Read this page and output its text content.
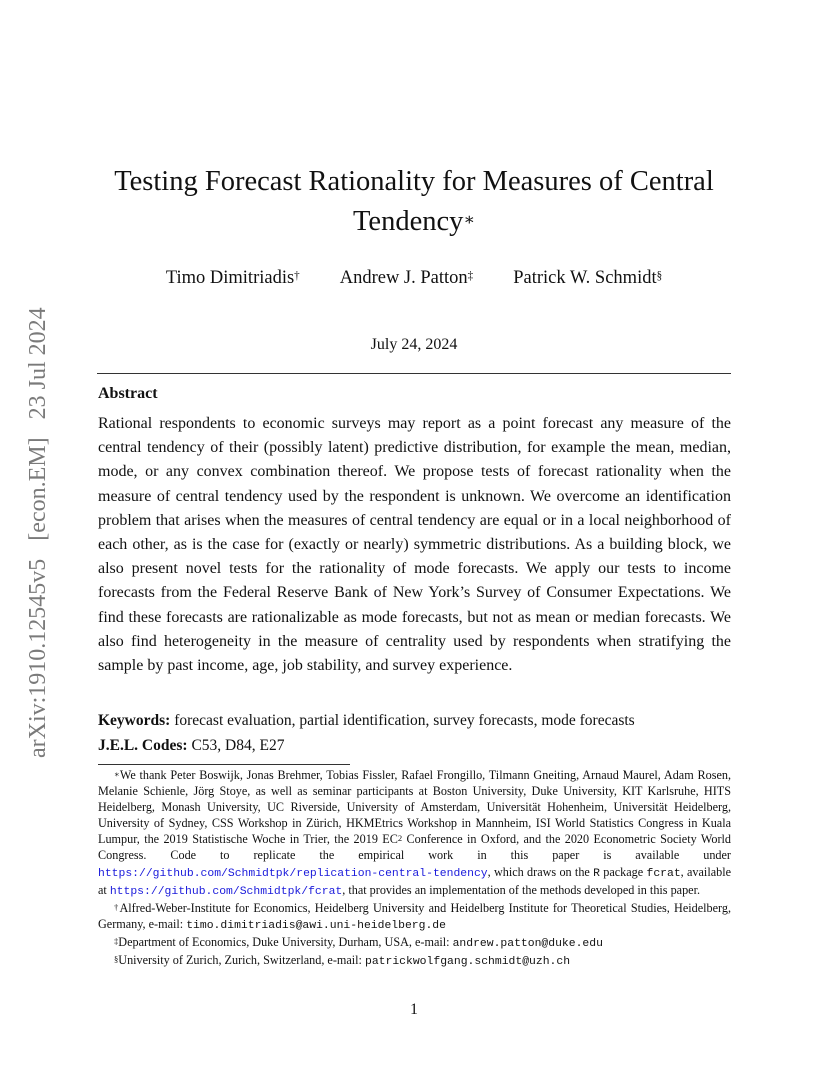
arXiv:1910.12545v5[econ.EM]23 Jul 2024
Testing Forecast Rationality for Measures of Central
Tendency∗
Timo Dimitriadis† Andrew J. Patton‡ Patrick W. Schmidt§
July 24, 2024
Abstract

Rational respondents to economic surveys may report as a point forecast any measure of the central tendency of their (possibly latent) predictive distribution, for example the mean, median, mode, or any convex combination thereof. We propose tests of forecast rationality when the measure of central tendency used by the respondent is unknown. We overcome an identification problem that arises when the measures of central tendency are equal or in a local neighborhood of each other, as is the case for (exactly or nearly) symmetric distributions. As a building block, we also present novel tests for the rationality of mode forecasts. We apply our tests to income forecasts from the Federal Reserve Bank of New York’s Survey of Consumer Expectations. We find these forecasts are rationalizable as mode forecasts, but not as mean or median forecasts. We also find heterogeneity in the measure of centrality used by respondents when stratifying the sample by past income, age, job stability, and survey experience.

Keywords: forecast evaluation, partial identification, survey forecasts, mode forecasts
J.E.L. Codes: C53, D84, E27

∗We thank Peter Boswijk, Jonas Brehmer, Tobias Fissler, Rafael Frongillo, Tilmann Gneiting, Arnaud Maurel, Adam Rosen, Melanie Schienle, Jörg Stoye, as well as seminar participants at Boston University, Duke University, KIT Karlsruhe, HITS Heidelberg, Monash University, UC Riverside, University of Amsterdam, Universität Hohenheim, Universität Heidelberg, University of Sydney, CSS Workshop in Zürich, HKMEtrics Workshop in Mannheim, ISI World Statistics Congress in Kuala Lumpur, the 2019 Statistische Woche in Trier, the 2019 $EC^2$ Conference in Oxford, and the 2020 Econometric Society World Congress. Code to replicate the empirical work in this paper is available under https://github.com/Schmidtpk/replication-central-tendency, which draws on the R package fcrat, available at https://github.com/Schmidtpk/fcrat, that provides an implementation of the methods developed in this paper.

†Alfred-Weber-Institute for Economics, Heidelberg University and Heidelberg Institute for Theoretical Studies, Heidelberg, Germany, e-mail: timo.dimitriadis@awi.uni-heidelberg.de

‡Department of Economics, Duke University, Durham, USA, e-mail: andrew.patton@duke.edu

§University of Zurich, Zurich, Switzerland, e-mail: patrickwolfgang.schmidt@uzh.ch

1
